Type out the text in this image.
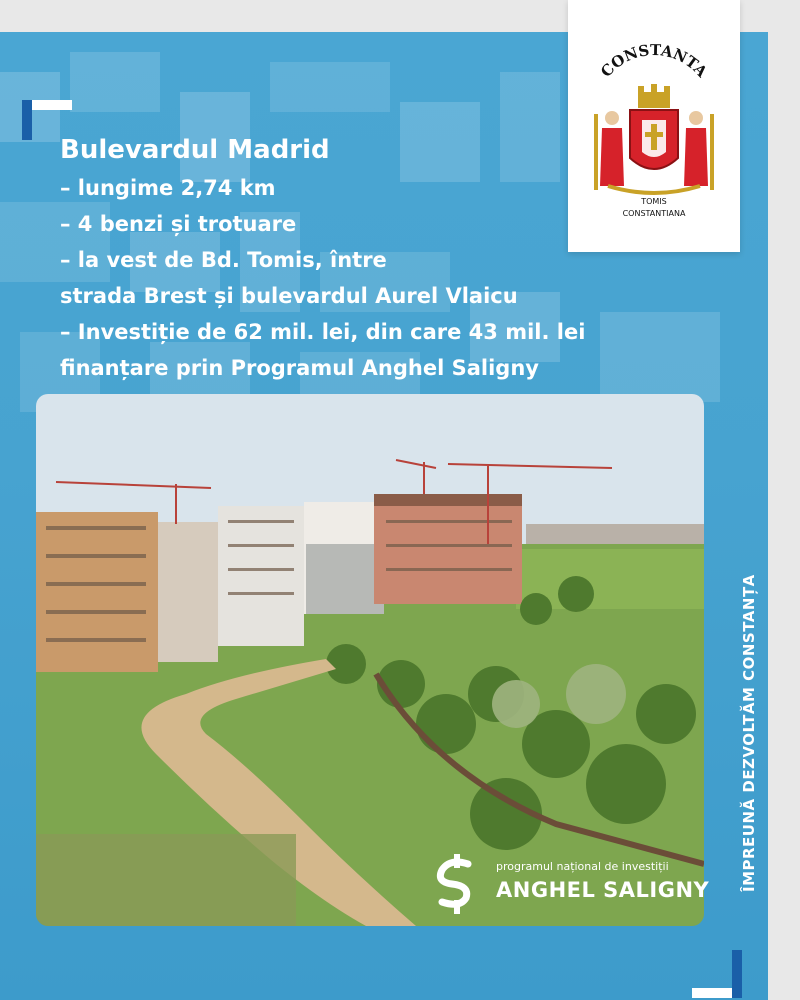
Bulevardul Madrid
– lungime 2,74 km
– 4 benzi și trotuare
– la vest de Bd. Tomis, între
strada Brest și bulevardul Aurel Vlaicu
– Investiție de 62 mil. lei, din care 43 mil. lei
finanțare prin Programul Anghel Saligny
ÎMPREUNĂ DEZVOLTĂM CONSTANȚA
CONSTANTA
TOMIS
CONSTANTIANA
programul național de investiții
ANGHEL SALIGNY
